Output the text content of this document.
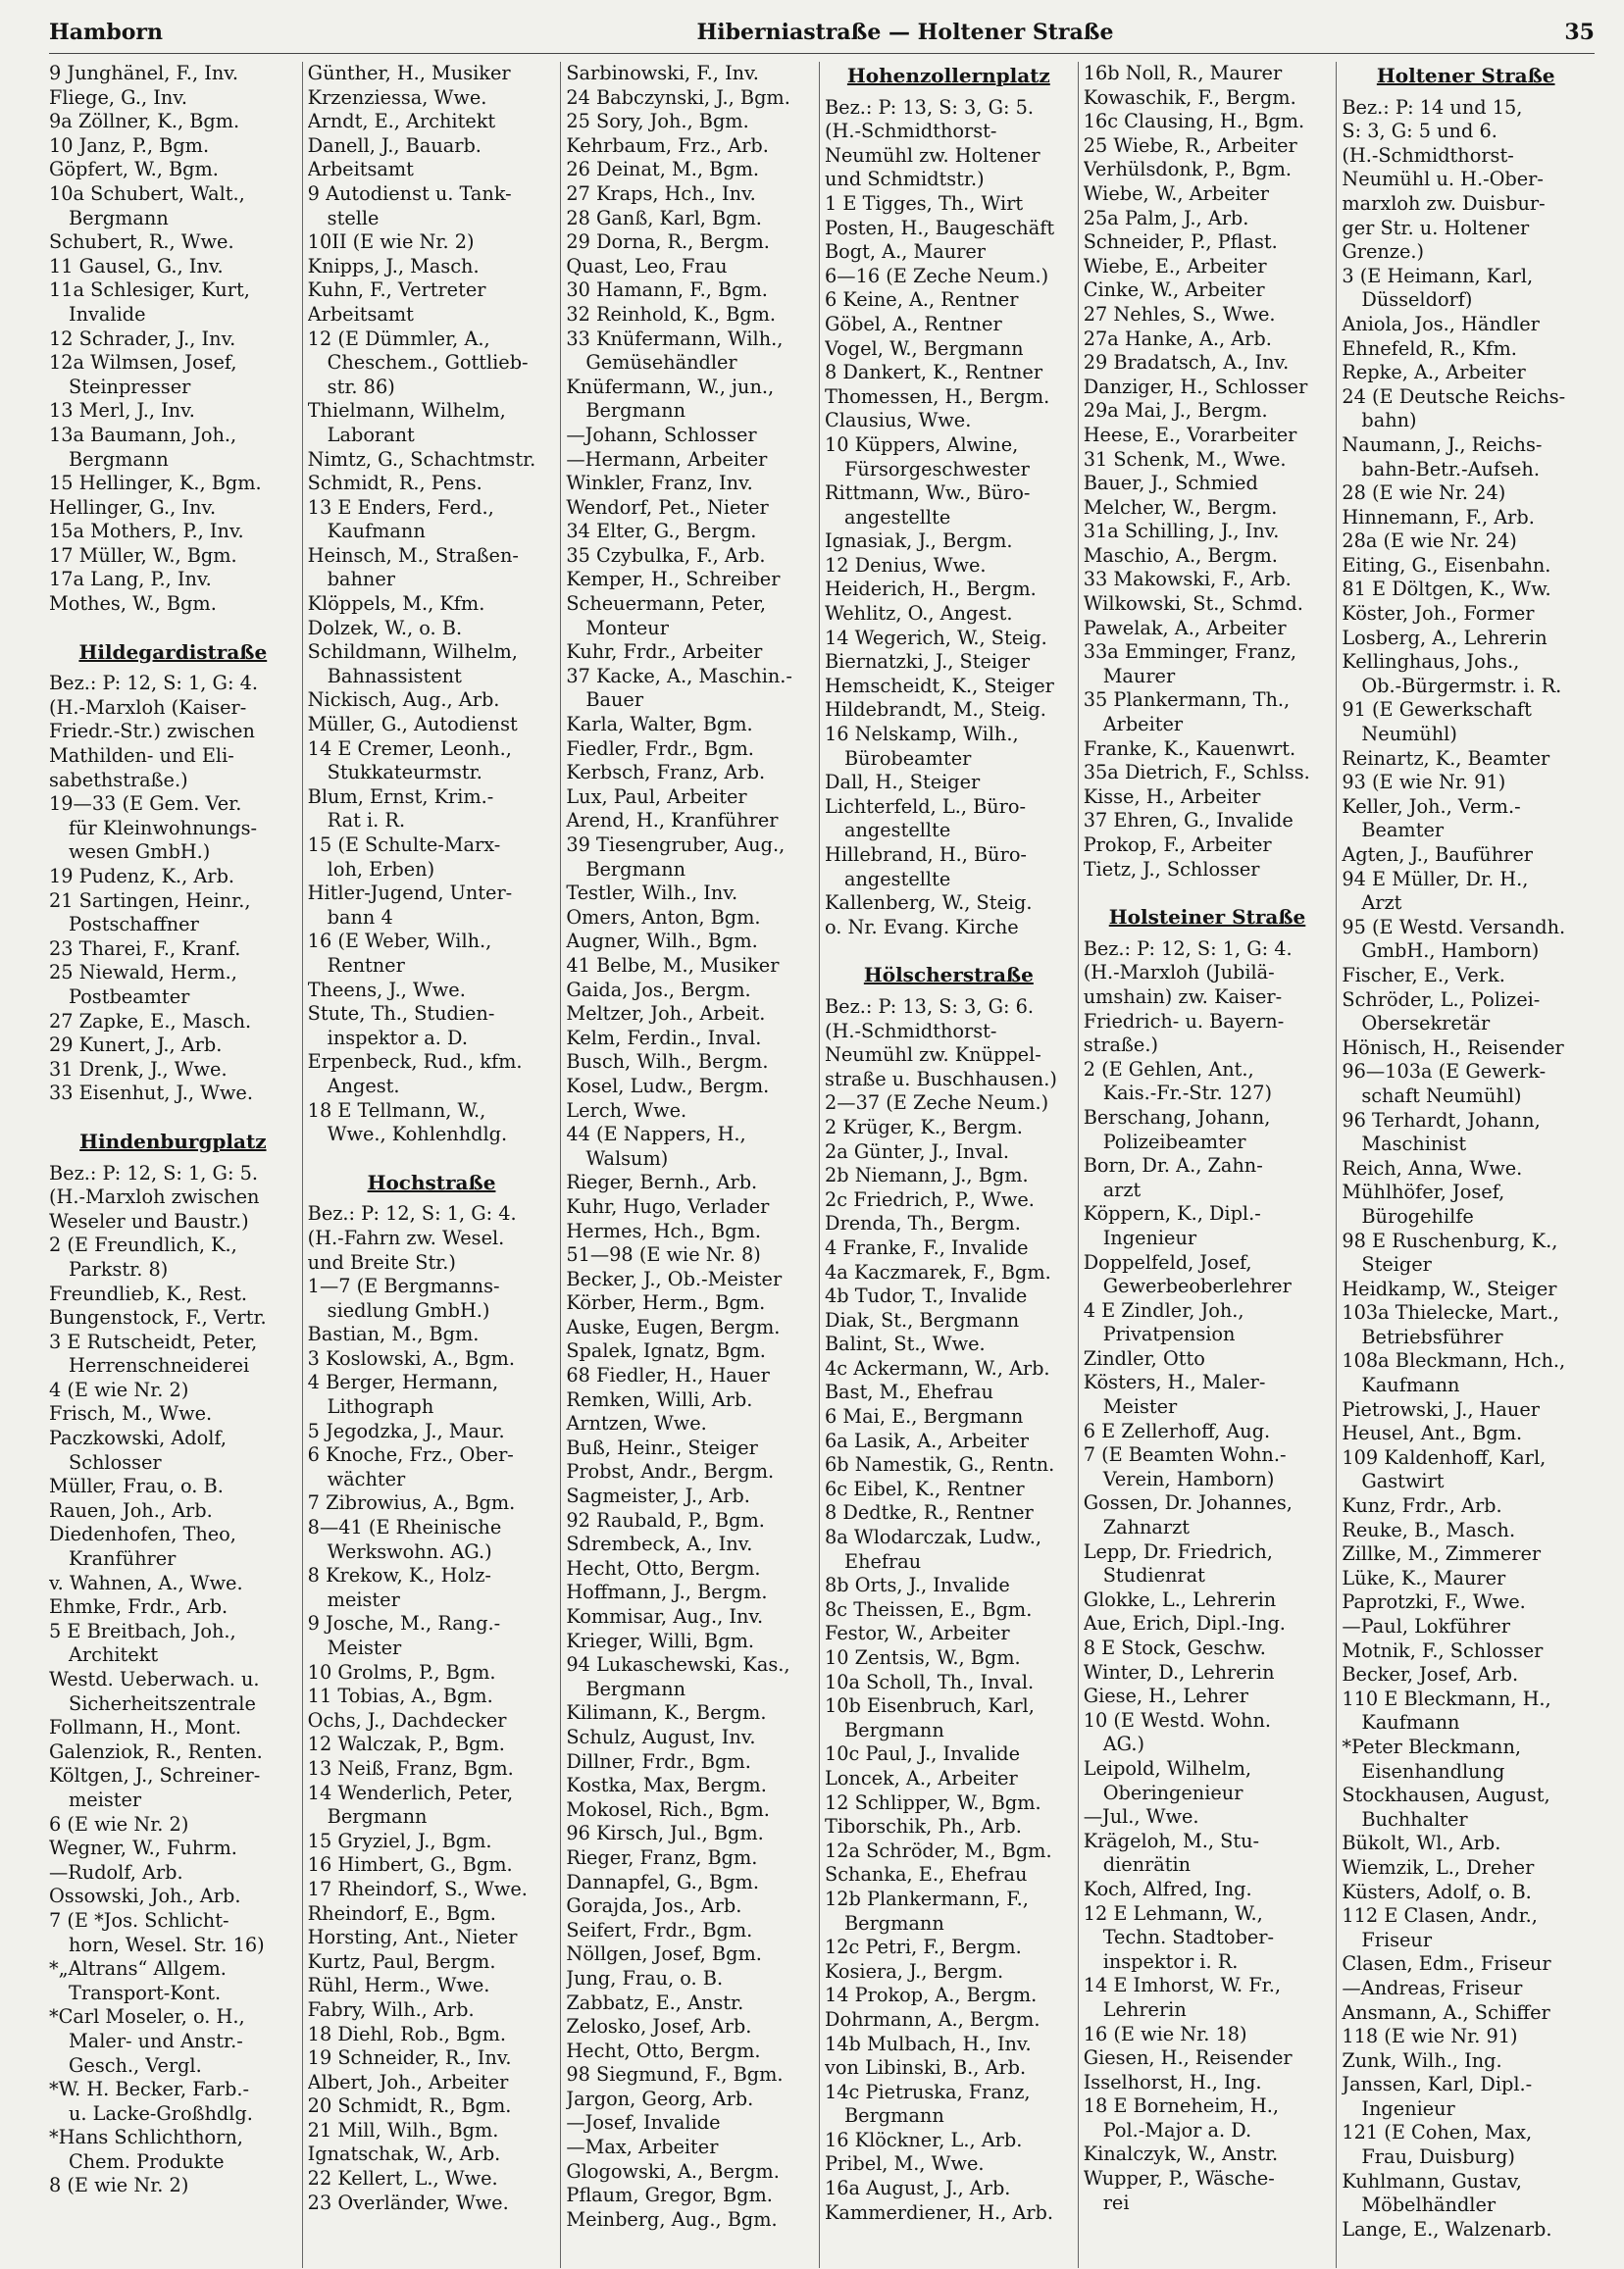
Hamborn	Hiberniastraße — Holtener Straße	35
9 Junghänel, F., Inv.
Fliege, G., Inv.
9a Zöllner, K., Bgm.
10 Janz, P., Bgm.
Göpfert, W., Bgm.
10a Schubert, Walt.,
Bergmann
Schubert, R., Wwe.
11 Gausel, G., Inv.
11a Schlesiger, Kurt,
Invalide
12 Schrader, J., Inv.
12a Wilmsen, Josef,
Steinpresser
13 Merl, J., Inv.
13a Baumann, Joh.,
Bergmann
15 Hellinger, K., Bgm.
Hellinger, G., Inv.
15a Mothers, P., Inv.
17 Müller, W., Bgm.
17a Lang, P., Inv.
Mothes, W., Bgm.
Hildegardistraße
Bez.: P: 12, S: 1, G: 4.
(H.-Marxloh (Kaiser-
Friedr.-Str.) zwischen
Mathilden- und Eli-
sabethstraße.)
19—33 (E Gem. Ver.
für Kleinwohnungs-
wesen GmbH.)
19 Pudenz, K., Arb.
21 Sartingen, Heinr.,
Postschaffner
23 Tharei, F., Kranf.
25 Niewald, Herm.,
Postbeamter
27 Zapke, E., Masch.
29 Kunert, J., Arb.
31 Drenk, J., Wwe.
33 Eisenhut, J., Wwe.
Hindenburgplatz
Bez.: P: 12, S: 1, G: 5.
(H.-Marxloh zwischen
Weseler und Baustr.)
2 (E Freundlich, K.,
Parkstr. 8)
Freundlieb, K., Rest.
Bungenstock, F., Vertr.
3 E Rutscheidt, Peter,
Herrenschneiderei
4 (E wie Nr. 2)
Frisch, M., Wwe.
Paczkowski, Adolf,
Schlosser
Müller, Frau, o. B.
Rauen, Joh., Arb.
Diedenhofen, Theo,
Kranführer
v. Wahnen, A., Wwe.
Ehmke, Frdr., Arb.
5 E Breitbach, Joh.,
Architekt
Westd. Ueberwach. u.
Sicherheitszentrale
Follmann, H., Mont.
Galenziok, R., Renten.
Költgen, J., Schreiner-
meister
6 (E wie Nr. 2)
Wegner, W., Fuhrm.
—Rudolf, Arb.
Ossowski, Joh., Arb.
7 (E *Jos. Schlicht-
horn, Wesel. Str. 16)
*„Altrans“ Allgem.
Transport-Kont.
*Carl Moseler, o. H.,
Maler- und Anstr.-
Gesch., Vergl.
*W. H. Becker, Farb.-
u. Lacke-Großhdlg.
*Hans Schlichthorn,
Chem. Produkte
8 (E wie Nr. 2)
Günther, H., Musiker
Krzenziessa, Wwe.
Arndt, E., Architekt
Danell, J., Bauarb.
Arbeitsamt
9 Autodienst u. Tank-
stelle
10II (E wie Nr. 2)
Knipps, J., Masch.
Kuhn, F., Vertreter
Arbeitsamt
12 (E Dümmler, A.,
Cheschem., Gottlieb-
str. 86)
Thielmann, Wilhelm,
Laborant
Nimtz, G., Schachtmstr.
Schmidt, R., Pens.
13 E Enders, Ferd.,
Kaufmann
Heinsch, M., Straßen-
bahner
Klöppels, M., Kfm.
Dolzek, W., o. B.
Schildmann, Wilhelm,
Bahnassistent
Nickisch, Aug., Arb.
Müller, G., Autodienst
14 E Cremer, Leonh.,
Stukkateurmstr.
Blum, Ernst, Krim.-
Rat i. R.
15 (E Schulte-Marx-
loh, Erben)
Hitler-Jugend, Unter-
bann 4
16 (E Weber, Wilh.,
Rentner
Theens, J., Wwe.
Stute, Th., Studien-
inspektor a. D.
Erpenbeck, Rud., kfm.
Angest.
18 E Tellmann, W.,
Wwe., Kohlenhdlg.
Hochstraße
Bez.: P: 12, S: 1, G: 4.
(H.-Fahrn zw. Wesel.
und Breite Str.)
1—7 (E Bergmanns-
siedlung GmbH.)
Bastian, M., Bgm.
3 Koslowski, A., Bgm.
4 Berger, Hermann,
Lithograph
5 Jegodzka, J., Maur.
6 Knoche, Frz., Ober-
wächter
7 Zibrowius, A., Bgm.
8—41 (E Rheinische
Werkswohn. AG.)
8 Krekow, K., Holz-
meister
9 Josche, M., Rang.-
Meister
10 Grolms, P., Bgm.
11 Tobias, A., Bgm.
Ochs, J., Dachdecker
12 Walczak, P., Bgm.
13 Neiß, Franz, Bgm.
14 Wenderlich, Peter,
Bergmann
15 Gryziel, J., Bgm.
16 Himbert, G., Bgm.
17 Rheindorf, S., Wwe.
Rheindorf, E., Bgm.
Horsting, Ant., Nieter
Kurtz, Paul, Bergm.
Rühl, Herm., Wwe.
Fabry, Wilh., Arb.
18 Diehl, Rob., Bgm.
19 Schneider, R., Inv.
Albert, Joh., Arbeiter
20 Schmidt, R., Bgm.
21 Mill, Wilh., Bgm.
Ignatschak, W., Arb.
22 Kellert, L., Wwe.
23 Overländer, Wwe.
Sarbinowski, F., Inv.
24 Babczynski, J., Bgm.
25 Sory, Joh., Bgm.
Kehrbaum, Frz., Arb.
26 Deinat, M., Bgm.
27 Kraps, Hch., Inv.
28 Ganß, Karl, Bgm.
29 Dorna, R., Bergm.
Quast, Leo, Frau
30 Hamann, F., Bgm.
32 Reinhold, K., Bgm.
33 Knüfermann, Wilh.,
Gemüsehändler
Knüfermann, W., jun.,
Bergmann
—Johann, Schlosser
—Hermann, Arbeiter
Winkler, Franz, Inv.
Wendorf, Pet., Nieter
34 Elter, G., Bergm.
35 Czybulka, F., Arb.
Kemper, H., Schreiber
Scheuermann, Peter,
Monteur
Kuhr, Frdr., Arbeiter
37 Kacke, A., Maschin.-
Bauer
Karla, Walter, Bgm.
Fiedler, Frdr., Bgm.
Kerbsch, Franz, Arb.
Lux, Paul, Arbeiter
Arend, H., Kranführer
39 Tiesengruber, Aug.,
Bergmann
Testler, Wilh., Inv.
Omers, Anton, Bgm.
Augner, Wilh., Bgm.
41 Belbe, M., Musiker
Gaida, Jos., Bergm.
Meltzer, Joh., Arbeit.
Kelm, Ferdin., Inval.
Busch, Wilh., Bergm.
Kosel, Ludw., Bergm.
Lerch, Wwe.
44 (E Nappers, H.,
Walsum)
Rieger, Bernh., Arb.
Kuhr, Hugo, Verlader
Hermes, Hch., Bgm.
51—98 (E wie Nr. 8)
Becker, J., Ob.-Meister
Körber, Herm., Bgm.
Auske, Eugen, Bergm.
Spalek, Ignatz, Bgm.
68 Fiedler, H., Hauer
Remken, Willi, Arb.
Arntzen, Wwe.
Buß, Heinr., Steiger
Probst, Andr., Bergm.
Sagmeister, J., Arb.
92 Raubald, P., Bgm.
Sdrembeck, A., Inv.
Hecht, Otto, Bergm.
Hoffmann, J., Bergm.
Kommisar, Aug., Inv.
Krieger, Willi, Bgm.
94 Lukaschewski, Kas.,
Bergmann
Kilimann, K., Bergm.
Schulz, August, Inv.
Dillner, Frdr., Bgm.
Kostka, Max, Bergm.
Mokosel, Rich., Bgm.
96 Kirsch, Jul., Bgm.
Rieger, Franz, Bgm.
Dannapfel, G., Bgm.
Gorajda, Jos., Arb.
Seifert, Frdr., Bgm.
Nöllgen, Josef, Bgm.
Jung, Frau, o. B.
Zabbatz, E., Anstr.
Zelosko, Josef, Arb.
Hecht, Otto, Bergm.
98 Siegmund, F., Bgm.
Jargon, Georg, Arb.
—Josef, Invalide
—Max, Arbeiter
Glogowski, A., Bergm.
Pflaum, Gregor, Bgm.
Meinberg, Aug., Bgm.
Hohenzollernplatz
Bez.: P: 13, S: 3, G: 5.
(H.-Schmidthorst-
Neumühl zw. Holtener
und Schmidtstr.)
1 E Tigges, Th., Wirt
Posten, H., Baugeschäft
Bogt, A., Maurer
6—16 (E Zeche Neum.)
6 Keine, A., Rentner
Göbel, A., Rentner
Vogel, W., Bergmann
8 Dankert, K., Rentner
Thomessen, H., Bergm.
Clausius, Wwe.
10 Küppers, Alwine,
Fürsorgeschwester
Rittmann, Ww., Büro-
angestellte
Ignasiak, J., Bergm.
12 Denius, Wwe.
Heiderich, H., Bergm.
Wehlitz, O., Angest.
14 Wegerich, W., Steig.
Biernatzki, J., Steiger
Hemscheidt, K., Steiger
Hildebrandt, M., Steig.
16 Nelskamp, Wilh.,
Bürobeamter
Dall, H., Steiger
Lichterfeld, L., Büro-
angestellte
Hillebrand, H., Büro-
angestellte
Kallenberg, W., Steig.
o. Nr. Evang. Kirche
Hölscherstraße
Bez.: P: 13, S: 3, G: 6.
(H.-Schmidthorst-
Neumühl zw. Knüppel-
straße u. Buschhausen.)
2—37 (E Zeche Neum.)
2 Krüger, K., Bergm.
2a Günter, J., Inval.
2b Niemann, J., Bgm.
2c Friedrich, P., Wwe.
Drenda, Th., Bergm.
4 Franke, F., Invalide
4a Kaczmarek, F., Bgm.
4b Tudor, T., Invalide
Diak, St., Bergmann
Balint, St., Wwe.
4c Ackermann, W., Arb.
Bast, M., Ehefrau
6 Mai, E., Bergmann
6a Lasik, A., Arbeiter
6b Namestik, G., Rentn.
6c Eibel, K., Rentner
8 Dedtke, R., Rentner
8a Wlodarczak, Ludw.,
Ehefrau
8b Orts, J., Invalide
8c Theissen, E., Bgm.
Festor, W., Arbeiter
10 Zentsis, W., Bgm.
10a Scholl, Th., Inval.
10b Eisenbruch, Karl,
Bergmann
10c Paul, J., Invalide
Loncek, A., Arbeiter
12 Schlipper, W., Bgm.
Tiborschik, Ph., Arb.
12a Schröder, M., Bgm.
Schanka, E., Ehefrau
12b Plankermann, F.,
Bergmann
12c Petri, F., Bergm.
Kosiera, J., Bergm.
14 Prokop, A., Bergm.
Dohrmann, A., Bergm.
14b Mulbach, H., Inv.
von Libinski, B., Arb.
14c Pietruska, Franz,
Bergmann
16 Klöckner, L., Arb.
Pribel, M., Wwe.
16a August, J., Arb.
Kammerdiener, H., Arb.
16b Noll, R., Maurer
Kowaschik, F., Bergm.
16c Clausing, H., Bgm.
25 Wiebe, R., Arbeiter
Verhülsdonk, P., Bgm.
Wiebe, W., Arbeiter
25a Palm, J., Arb.
Schneider, P., Pflast.
Wiebe, E., Arbeiter
Cinke, W., Arbeiter
27 Nehles, S., Wwe.
27a Hanke, A., Arb.
29 Bradatsch, A., Inv.
Danziger, H., Schlosser
29a Mai, J., Bergm.
Heese, E., Vorarbeiter
31 Schenk, M., Wwe.
Bauer, J., Schmied
Melcher, W., Bergm.
31a Schilling, J., Inv.
Maschio, A., Bergm.
33 Makowski, F., Arb.
Wilkowski, St., Schmd.
Pawelak, A., Arbeiter
33a Emminger, Franz,
Maurer
35 Plankermann, Th.,
Arbeiter
Franke, K., Kauenwrt.
35a Dietrich, F., Schlss.
Kisse, H., Arbeiter
37 Ehren, G., Invalide
Prokop, F., Arbeiter
Tietz, J., Schlosser
Holsteiner Straße
Bez.: P: 12, S: 1, G: 4.
(H.-Marxloh (Jubilä-
umshain) zw. Kaiser-
Friedrich- u. Bayern-
straße.)
2 (E Gehlen, Ant.,
Kais.-Fr.-Str. 127)
Berschang, Johann,
Polizeibeamter
Born, Dr. A., Zahn-
arzt
Köppern, K., Dipl.-
Ingenieur
Doppelfeld, Josef,
Gewerbeoberlehrer
4 E Zindler, Joh.,
Privatpension
Zindler, Otto
Kösters, H., Maler-
Meister
6 E Zellerhoff, Aug.
7 (E Beamten Wohn.-
Verein, Hamborn)
Gossen, Dr. Johannes,
Zahnarzt
Lepp, Dr. Friedrich,
Studienrat
Glokke, L., Lehrerin
Aue, Erich, Dipl.-Ing.
8 E Stock, Geschw.
Winter, D., Lehrerin
Giese, H., Lehrer
10 (E Westd. Wohn.
AG.)
Leipold, Wilhelm,
Oberingenieur
—Jul., Wwe.
Krägeloh, M., Stu-
dienrätin
Koch, Alfred, Ing.
12 E Lehmann, W.,
Techn. Stadtober-
inspektor i. R.
14 E Imhorst, W. Fr.,
Lehrerin
16 (E wie Nr. 18)
Giesen, H., Reisender
Isselhorst, H., Ing.
18 E Borneheim, H.,
Pol.-Major a. D.
Kinalczyk, W., Anstr.
Wupper, P., Wäsche-
rei
Holtener Straße
Bez.: P: 14 und 15,
S: 3, G: 5 und 6.
(H.-Schmidthorst-
Neumühl u. H.-Ober-
marxloh zw. Duisbur-
ger Str. u. Holtener
Grenze.)
3 (E Heimann, Karl,
Düsseldorf)
Aniola, Jos., Händler
Ehnefeld, R., Kfm.
Repke, A., Arbeiter
24 (E Deutsche Reichs-
bahn)
Naumann, J., Reichs-
bahn-Betr.-Aufseh.
28 (E wie Nr. 24)
Hinnemann, F., Arb.
28a (E wie Nr. 24)
Eiting, G., Eisenbahn.
81 E Döltgen, K., Ww.
Köster, Joh., Former
Losberg, A., Lehrerin
Kellinghaus, Johs.,
Ob.-Bürgermstr. i. R.
91 (E Gewerkschaft
Neumühl)
Reinartz, K., Beamter
93 (E wie Nr. 91)
Keller, Joh., Verm.-
Beamter
Agten, J., Bauführer
94 E Müller, Dr. H.,
Arzt
95 (E Westd. Versandh.
GmbH., Hamborn)
Fischer, E., Verk.
Schröder, L., Polizei-
Obersekretär
Hönisch, H., Reisender
96—103a (E Gewerk-
schaft Neumühl)
96 Terhardt, Johann,
Maschinist
Reich, Anna, Wwe.
Mühlhöfer, Josef,
Bürogehilfe
98 E Ruschenburg, K.,
Steiger
Heidkamp, W., Steiger
103a Thielecke, Mart.,
Betriebsführer
108a Bleckmann, Hch.,
Kaufmann
Pietrowski, J., Hauer
Heusel, Ant., Bgm.
109 Kaldenhoff, Karl,
Gastwirt
Kunz, Frdr., Arb.
Reuke, B., Masch.
Zillke, M., Zimmerer
Lüke, K., Maurer
Paprotzki, F., Wwe.
—Paul, Lokführer
Motnik, F., Schlosser
Becker, Josef, Arb.
110 E Bleckmann, H.,
Kaufmann
*Peter Bleckmann,
Eisenhandlung
Stockhausen, August,
Buchhalter
Bükolt, Wl., Arb.
Wiemzik, L., Dreher
Küsters, Adolf, o. B.
112 E Clasen, Andr.,
Friseur
Clasen, Edm., Friseur
—Andreas, Friseur
Ansmann, A., Schiffer
118 (E wie Nr. 91)
Zunk, Wilh., Ing.
Janssen, Karl, Dipl.-
Ingenieur
121 (E Cohen, Max,
Frau, Duisburg)
Kuhlmann, Gustav,
Möbelhändler
Lange, E., Walzenarb.
